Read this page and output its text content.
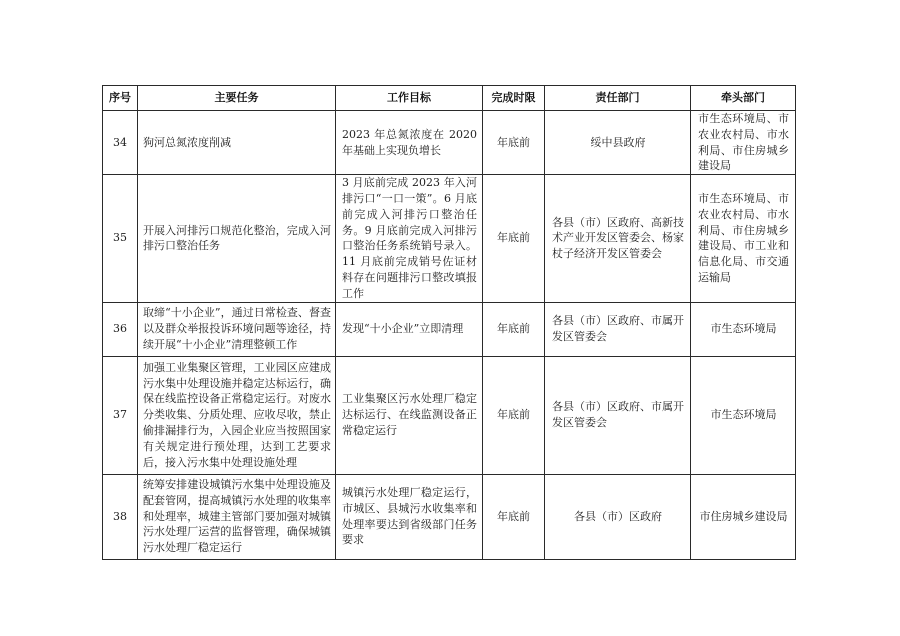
序号	主要任务	工作目标	完成时限	责任部门	牵头部门
34	狗河总氮浓度削减	2023 年总氮浓度在 2020 年基础上实现负增长	年底前	绥中县政府	市生态环境局、市农业农村局、市水利局、市住房城乡建设局
35	开展入河排污口规范化整治，完成入河排污口整治任务	3 月底前完成 2023 年入河排污口“一口一策”。6 月底前完成入河排污口整治任务。9 月底前完成入河排污口整治任务系统销号录入。11 月底前完成销号佐证材料存在问题排污口整改填报工作	年底前	各县（市）区政府、高新技术产业开发区管委会、杨家杖子经济开发区管委会	市生态环境局、市农业农村局、市水利局、市住房城乡建设局、市工业和信息化局、市交通运输局
36	取缔“十小企业”，通过日常检查、督查以及群众举报投诉环境问题等途径，持续开展“十小企业”清理整顿工作	发现“十小企业”立即清理	年底前	各县（市）区政府、市属开发区管委会	市生态环境局
37	加强工业集聚区管理，工业园区应建成污水集中处理设施并稳定达标运行，确保在线监控设备正常稳定运行。对废水分类收集、分质处理、应收尽收，禁止偷排漏排行为，入园企业应当按照国家有关规定进行预处理，达到工艺要求后，接入污水集中处理设施处理	工业集聚区污水处理厂稳定达标运行、在线监测设备正常稳定运行	年底前	各县（市）区政府、市属开发区管委会	市生态环境局
38	统筹安排建设城镇污水集中处理设施及配套管网，提高城镇污水处理的收集率和处理率，城建主管部门要加强对城镇污水处理厂运营的监督管理，确保城镇污水处理厂稳定运行	城镇污水处理厂稳定运行，市城区、县城污水收集率和处理率要达到省级部门任务要求	年底前	各县（市）区政府	市住房城乡建设局
